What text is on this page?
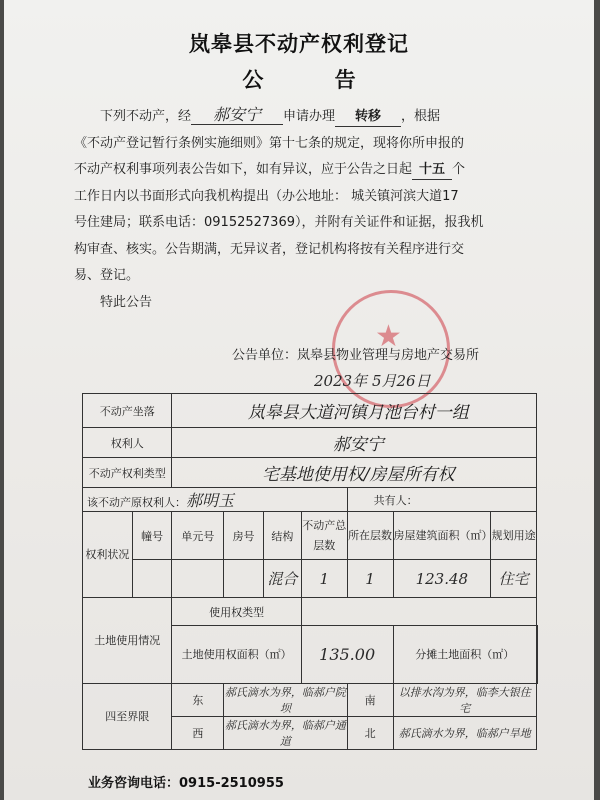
岚皋县不动产权利登记
公 告
下列不动产，经 郝安宁 申请办理 转移 ，根据
《不动产登记暂行条例实施细则》第十七条的规定，现将你所申报的
不动产权利事项列表公告如下，如有异议，应于公告之日起 十五 个
工作日内以书面形式向我机构提出（办公地址： 城关镇河滨大道17
号住建局；联系电话：09152527369），并附有关证件和证据，报我机
构审查、核实。公告期满，无异议者，登记机构将按有关程序进行交
易、登记。
特此公告
★
公告单位：岚皋县物业管理与房地产交易所
2023年 5月26日
不动产坐落		岚皋县大道河镇月池台村一组							
权利人		郝安宁							
不动产权利类型		宅基地使用权/房屋所有权							
该不动产原权利人：郝明玉						共有人：			
权利状况	幢号	单元号	房号	结构	不动产总层数	所在层数	房屋建筑面积（㎡）	规划用途	
				混合	1	1	123.48	住宅	
土地使用情况		使用权类型							
		土地使用权面积（㎡）			135.00		分摊土地面积（㎡）		
四至界限		东	郝氏滴水为界，临郝户院坝			南	以排水沟为界，临李大银住宅		
		西	郝氏滴水为界，临郝户通道			北	郝氏滴水为界，临郝户旱地		
业务咨询电话：0915-2510955
